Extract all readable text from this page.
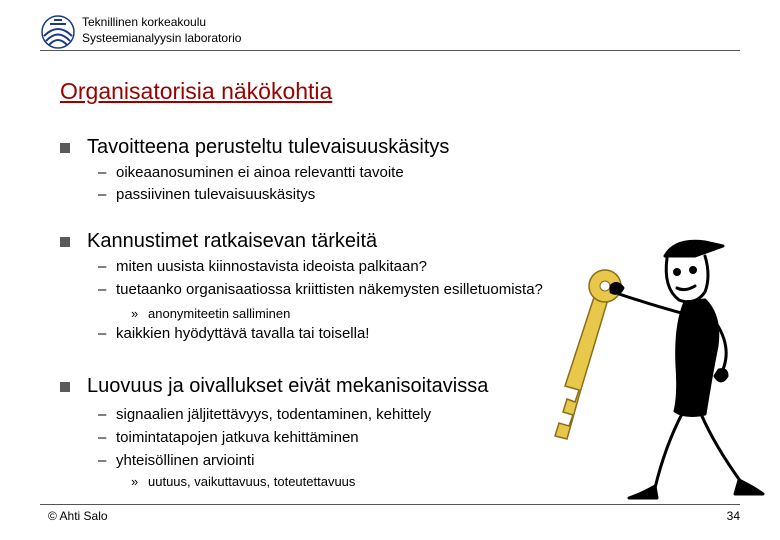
Teknillinen korkeakoulu
Systeemianalyysin laboratorio
Organisatorisia näkökohtia
Tavoitteena perusteltu tulevaisuuskäsitys
– oikeaanosuminen ei ainoa relevantti tavoite
– passiivinen tulevaisuuskäsitys
Kannustimet ratkaisevan tärkeitä
– miten uusista kiinnostavista ideoista palkitaan?
– tuetaanko organisaatiossa kriittisten näkemysten esilletuomista?
» anonymiteetin salliminen
– kaikkien hyödyttävä tavalla tai toisella!
Luovuus ja oivallukset eivät mekanisoitavissa
– signaalien jäljitettävyys, todentaminen, kehittely
– toimintatapojen jatkuva kehittäminen
– yhteisöllinen arviointi
» uutuus, vaikuttavuus, toteutettavuus
© Ahti Salo	34
